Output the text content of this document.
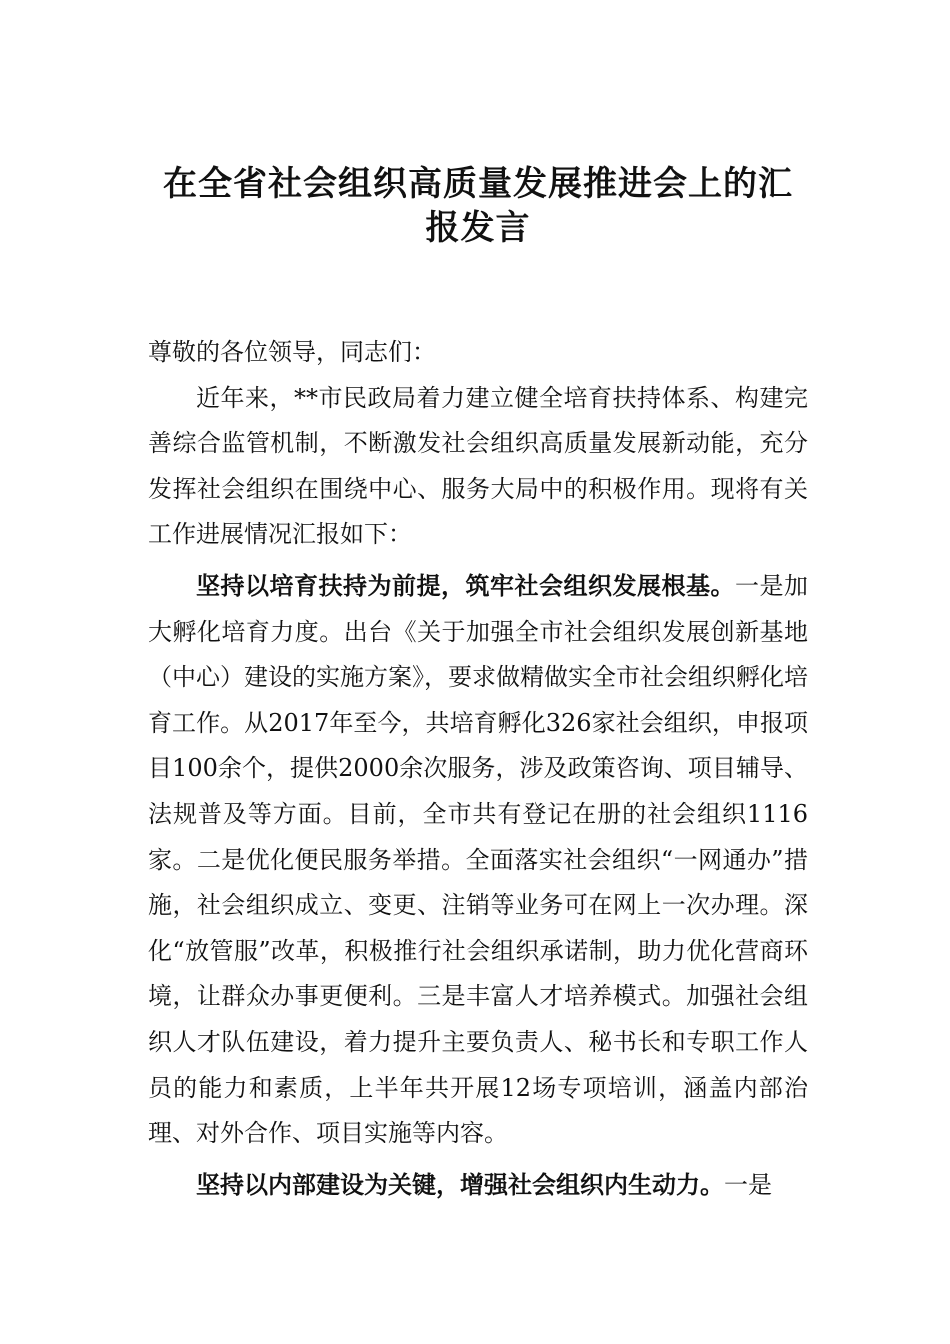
在全省社会组织高质量发展推进会上的汇
报发言

尊敬的各位领导，同志们：

近年来，**市民政局着力建立健全培育扶持体系、构建完善综合监管机制，不断激发社会组织高质量发展新动能，充分发挥社会组织在围绕中心、服务大局中的积极作用。现将有关工作进展情况汇报如下：

坚持以培育扶持为前提，筑牢社会组织发展根基。一是加大孵化培育力度。出台《关于加强全市社会组织发展创新基地（中心）建设的实施方案》，要求做精做实全市社会组织孵化培育工作。从2017年至今，共培育孵化326家社会组织，申报项目100余个，提供2000余次服务，涉及政策咨询、项目辅导、法规普及等方面。目前，全市共有登记在册的社会组织1116家。二是优化便民服务举措。全面落实社会组织“一网通办”措施，社会组织成立、变更、注销等业务可在网上一次办理。深化“放管服”改革，积极推行社会组织承诺制，助力优化营商环境，让群众办事更便利。三是丰富人才培养模式。加强社会组织人才队伍建设，着力提升主要负责人、秘书长和专职工作人员的能力和素质，上半年共开展12场专项培训，涵盖内部治理、对外合作、项目实施等内容。

坚持以内部建设为关键，增强社会组织内生动力。一是
